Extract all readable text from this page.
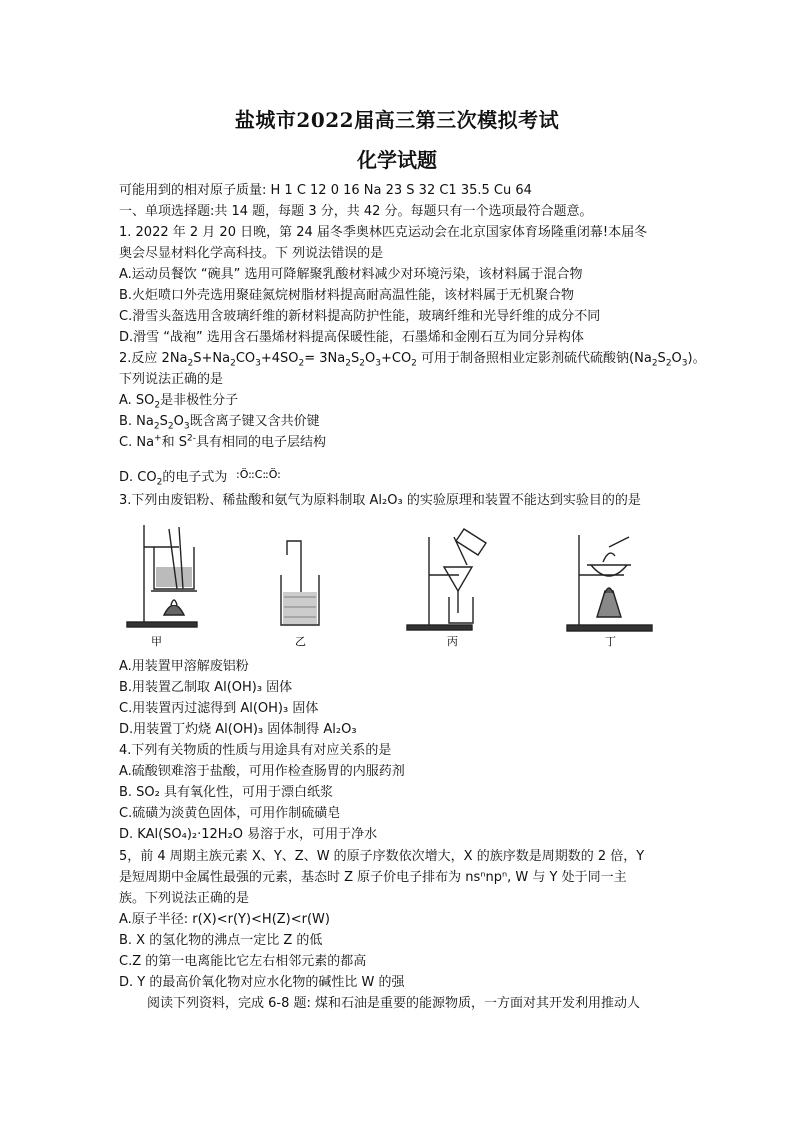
盐城市2022届高三第三次模拟考试
化学试题
可能用到的相对原子质量: H 1 C 12 0 16 Na 23 S 32 C1 35.5 Cu 64
一、单项选择题:共 14 题，每题 3 分，共 42 分。每题只有一个选项最符合题意。
1. 2022 年 2 月 20 日晚，第 24 届冬季奥林匹克运动会在北京国家体育场隆重闭幕!本届冬
奥会尽显材料化学高科技。下 列说法错误的是
A.运动员餐饮 “碗具” 选用可降解聚乳酸材料减少对环境污染，该材料属于混合物
B.火炬喷口外壳选用聚硅氮烷树脂材料提高耐高温性能，该材料属于无机聚合物
C.滑雪头盔选用含玻璃纤维的新材料提高防护性能，玻璃纤维和光导纤维的成分不同
D.滑雪 “战袍” 选用含石墨烯材料提高保暖性能，石墨烯和金刚石互为同分异构体
2.反应 $2Na_2S+Na_2CO_3+4SO_2= 3Na_2S_2O_3+CO_2$ 可用于制备照相业定影剂硫代硫酸钠$(Na_2S_2O_3)$。
下列说法正确的是
A. $SO_2$是非极性分子
B. $Na_2S_2O_3$既含离子键又含共价键
C. Na+和 $S^{2-}$具有相同的电子层结构
D. $CO_2$的电子式为 :Ö: :C:
:Ö:
3.下列由废铝粉、稀盐酸和氨气为原料制取 Al₂O₃ 的实验原理和装置不能达到实验目的的是
甲	乙	丙	丁
A.用装置甲溶解废铝粉
B.用装置乙制取 Al(OH)₃ 固体
C.用装置丙过滤得到 Al(OH)₃ 固体
D.用装置丁灼烧 Al(OH)₃ 固体制得 Al₂O₃
4.下列有关物质的性质与用途具有对应关系的是
A.硫酸钡难溶于盐酸，可用作检查肠胃的内服药剂
B. SO₂ 具有氧化性，可用于漂白纸浆
C.硫磺为淡黄色固体，可用作制硫磺皂
D. KAl(SO₄)₂·12H₂O 易溶于水，可用于净水
5，前 4 周期主族元素 X、Y、Z、W 的原子序数依次增大，X 的族序数是周期数的 2 倍，Y
是短周期中金属性最强的元素，基态时 Z 原子价电子排布为 nsⁿnpⁿ, W 与 Y 处于同一主
族。下列说法正确的是
A.原子半径: r(X)<r(Y)<H(Z)<r(W)
B. X 的氢化物的沸点一定比 Z 的低
C.Z 的第一电离能比它左右相邻元素的都高
D. Y 的最高价氧化物对应水化物的碱性比 W 的强
阅读下列资料，完成 6-8 题: 煤和石油是重要的能源物质，一方面对其开发利用推动人
